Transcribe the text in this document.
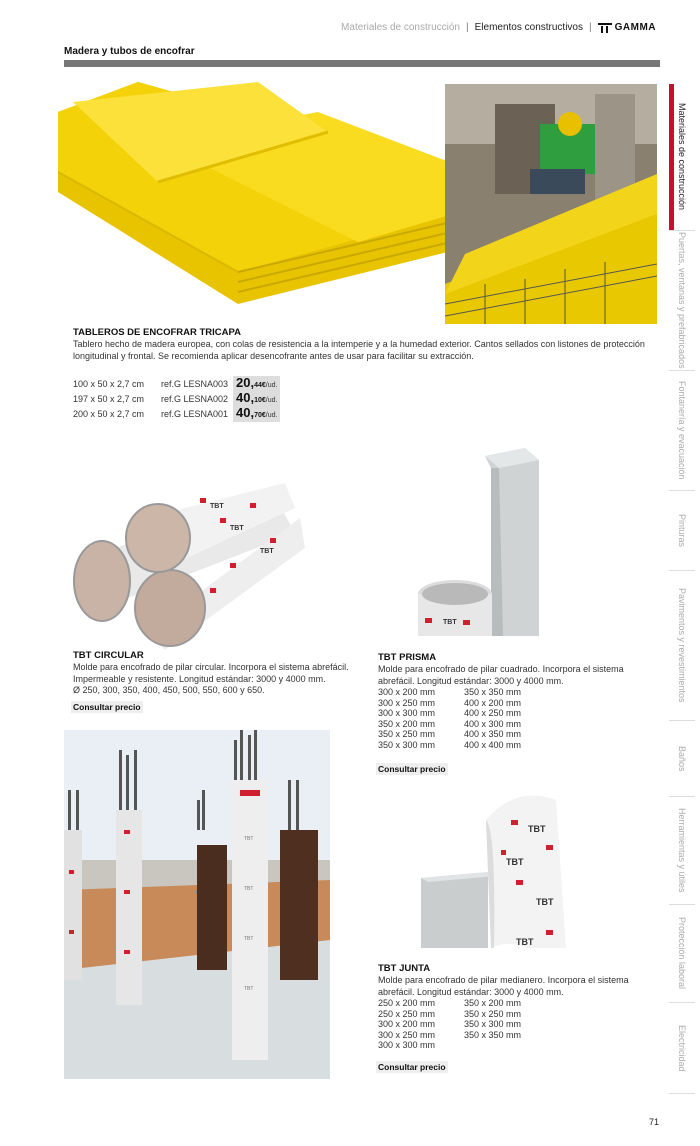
Materiales de construcción | Elementos constructivos | GAMMA
Madera y tubos de encofrar
Materiales de construcción
Puertas, ventanas y prefabricados
Fontanería y evacuación
Pinturas
Pavimentos y revestimientos
Baños
Herramientas y útiles
Protección laboral
Electricidad
TABLEROS DE ENCOFRAR TRICAPA
Tablero hecho de madera europea, con colas de resistencia a la intemperie y a la humedad exterior. Cantos sellados con listones de protección longitudinal y frontal. Se recomienda aplicar desencofrante antes de usar para facilitar su extracción.
100 x 50 x 2,7 cm	ref.G LESNA003 20, 44€ /ud.
197 x 50 x 2,7 cm	ref.G LESNA002 40, 10€ /ud.
200 x 50 x 2,7 cm	ref.G LESNA001 40, 70€ /ud.
TBT
TBT
TBT
TBT CIRCULAR
Molde para encofrado de pilar circular. Incorpora el sistema abrefácil.
Impermeable y resistente. Longitud estándar: 3000 y 4000 mm.
Ø 250, 300, 350, 400, 450, 500, 550, 600 y 650.
Consultar precio
TBT
TBT PRISMA
Molde para encofrado de pilar cuadrado. Incorpora el sistema
abrefácil. Longitud estándar: 3000 y 4000 mm.
300 x 200 mm	350 x 350 mm
300 x 250 mm	400 x 200 mm
300 x 300 mm	400 x 250 mm
350 x 200 mm	400 x 300 mm
350 x 250 mm	400 x 350 mm
350 x 300 mm	400 x 400 mm
Consultar precio
TBT
TBT
TBT
TBT
TBT
TBT
TBT
TBT
TBT JUNTA
Molde para encofrado de pilar medianero. Incorpora el sistema
abrefácil. Longitud estándar: 3000 y 4000 mm.
250 x 200 mm	350 x 200 mm
250 x 250 mm	350 x 250 mm
300 x 200 mm	350 x 300 mm
300 x 250 mm	350 x 350 mm
300 x 300 mm
Consultar precio
71
